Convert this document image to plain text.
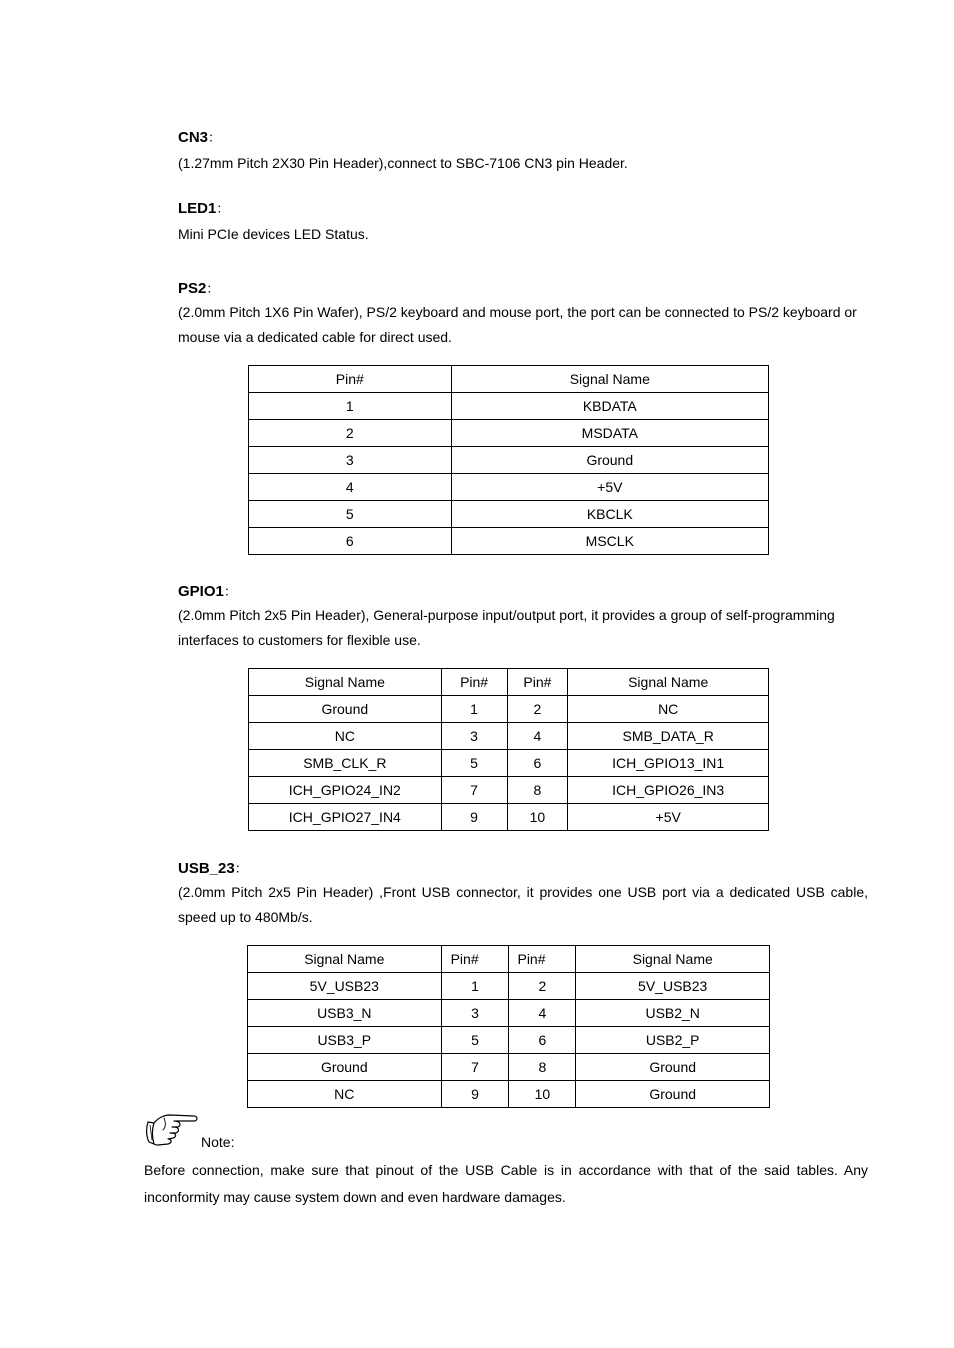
CN3：
(1.27mm Pitch 2X30 Pin Header),connect to SBC-7106 CN3 pin Header.
LED1：
Mini PCIe devices LED Status.
PS2：
(2.0mm Pitch 1X6 Pin Wafer), PS/2 keyboard and mouse port, the port can be connected to PS/2 keyboard or mouse via a dedicated cable for direct used.
Pin#	Signal Name
1	KBDATA
2	MSDATA
3	Ground
4	+5V
5	KBCLK
6	MSCLK
GPIO1：
(2.0mm Pitch 2x5 Pin Header), General-purpose input/output port, it provides a group of self-programming interfaces to customers for flexible use.
Signal Name	Pin#	Pin#	Signal Name
Ground	1	2	NC
NC	3	4	SMB_DATA_R
SMB_CLK_R	5	6	ICH_GPIO13_IN1
ICH_GPIO24_IN2	7	8	ICH_GPIO26_IN3
ICH_GPIO27_IN4	9	10	+5V
USB_23：
(2.0mm Pitch 2x5 Pin Header) ,Front USB connector, it provides one USB port via a dedicated USB cable, speed up to 480Mb/s.
Signal Name	Pin#	Pin#	Signal Name
5V_USB23	1	2	5V_USB23
USB3_N	3	4	USB2_N
USB3_P	5	6	USB2_P
Ground	7	8	Ground
NC	9	10	Ground
Note:
Before connection, make sure that pinout of the USB Cable is in accordance with that of the said tables. Any inconformity may cause system down and even hardware damages.
